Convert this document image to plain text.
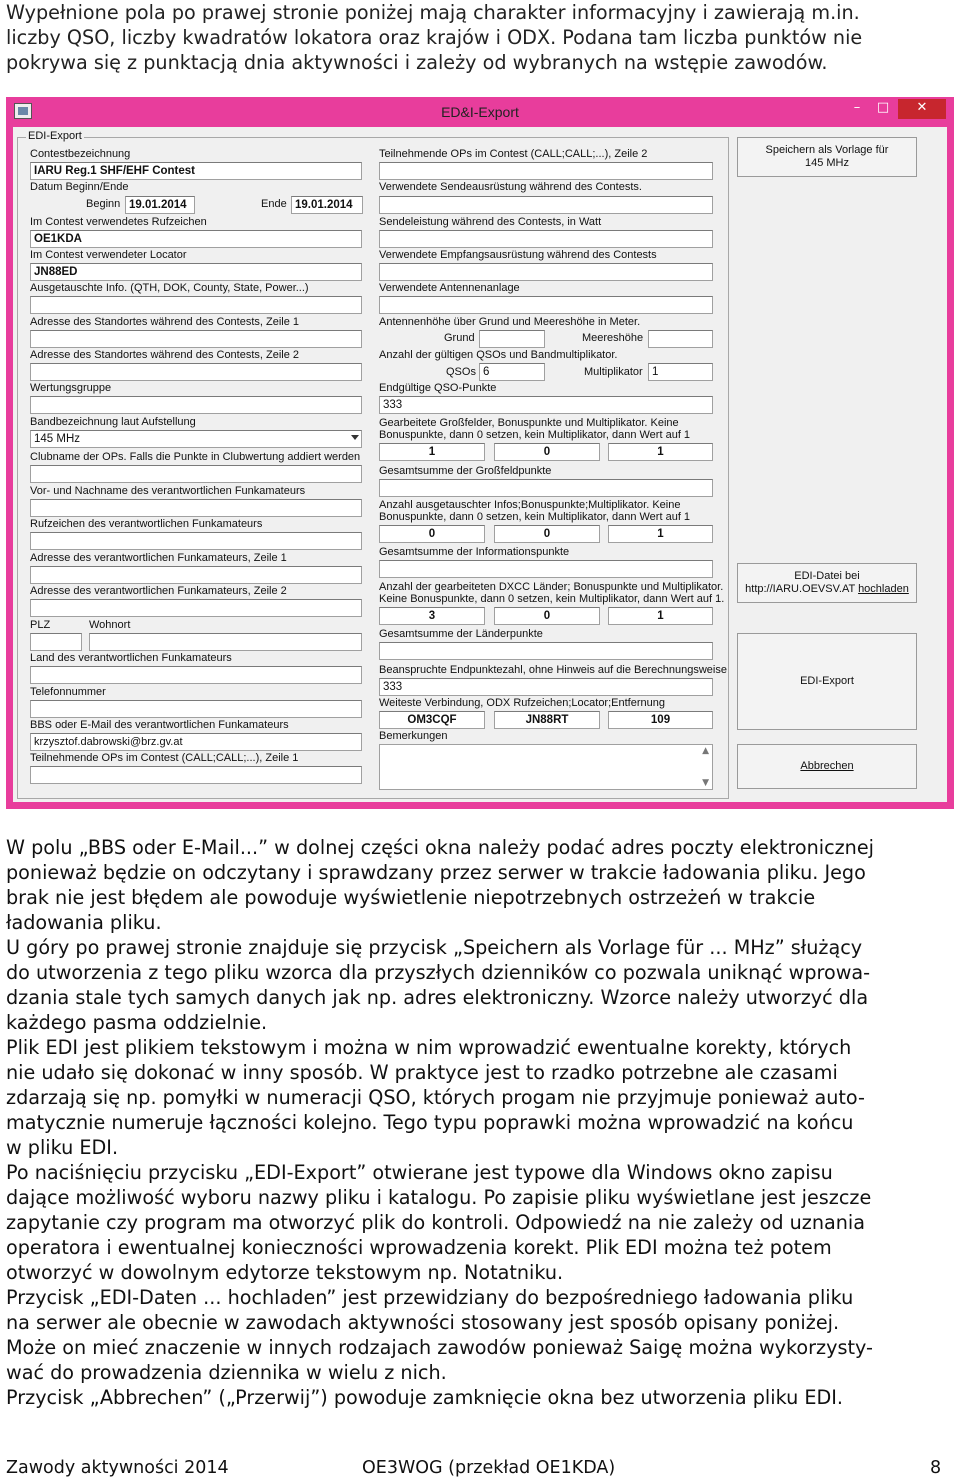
Wypełnione pola po prawej stronie poniżej mają charakter informacyjny i zawierają m.in.
liczby QSO, liczby kwadratów lokatora oraz krajów i ODX. Podana tam liczba punktów nie
pokrywa się z punktacją dnia aktywności i zależy od wybranych na wstępie zawodów.
ED&I-Export	–	□	✕
EDI-Export
Contestbezeichnung
IARU Reg.1 SHF/EHF Contest
Datum Beginn/Ende
Beginn 19.01.2014	Ende 19.01.2014
Im Contest verwendetes Rufzeichen
OE1KDA
Im Contest verwendeter Locator
JN88ED
Ausgetauschte Info. (QTH, DOK, County, State, Power...)
Adresse des Standortes während des Contests, Zeile 1
Adresse des Standortes während des Contests, Zeile 2
Wertungsgruppe
Bandbezeichnung laut Aufstellung
145 MHz
Clubname der OPs. Falls die Punkte in Clubwertung addiert werden
Vor- und Nachname des verantwortlichen Funkamateurs
Rufzeichen des verantwortlichen Funkamateurs
Adresse des verantwortlichen Funkamateurs, Zeile 1
Adresse des verantwortlichen Funkamateurs, Zeile 2
PLZ	Wohnort
Land des verantwortlichen Funkamateurs
Telefonnummer
BBS oder E-Mail des verantwortlichen Funkamateurs
krzysztof.dabrowski@brz.gv.at
Teilnehmende OPs im Contest (CALL;CALL;...), Zeile 1
Teilnehmende OPs im Contest (CALL;CALL;...), Zeile 2
Verwendete Sendeausrüstung während des Contests.
Sendeleistung während des Contests, in Watt
Verwendete Empfangsausrüstung während des Contests
Verwendete Antennenanlage
Antennenhöhe über Grund und Meereshöhe in Meter.
Grund	Meereshöhe
Anzahl der gültigen QSOs und Bandmultiplikator.
QSOs 6	Multiplikator 1
Endgültige QSO-Punkte
333
Gearbeitete Großfelder, Bonuspunkte und Multiplikator. Keine
Bonuspunkte, dann 0 setzen, kein Multiplikator, dann Wert auf 1
1	0	1
Gesamtsumme der Großfeldpunkte
Anzahl ausgetauschter Infos;Bonuspunkte;Multiplikator. Keine
Bonuspunkte, dann 0 setzen, kein Multiplikator, dann Wert auf 1
0	0	1
Gesamtsumme der Informationspunkte
Anzahl der gearbeiteten DXCC Länder; Bonuspunkte und Multiplikator.
Keine Bonuspunkte, dann 0 setzen, kein Multiplikator, dann Wert auf 1.
3	0	1
Gesamtsumme der Länderpunkte
Beanspruchte Endpunktezahl, ohne Hinweis auf die Berechnungsweise
333
Weiteste Verbindung, ODX Rufzeichen;Locator;Entfernung
OM3CQF	JN88RT	109
Bemerkungen
▲
▼
Speichern als Vorlage für
145 MHz
EDI-Datei bei
http://IARU.OEVSV.AT hochladen
EDI-Export
Abbrechen
W polu „BBS oder E-Mail...” w dolnej części okna należy podać adres poczty elektronicznej
ponieważ będzie on odczytany i sprawdzany przez serwer w trakcie ładowania pliku. Jego
brak nie jest błędem ale powoduje wyświetlenie niepotrzebnych ostrzeżeń w trakcie
ładowania pliku.
U góry po prawej stronie znajduje się przycisk „Speichern als Vorlage für ... MHz” służący
do utworzenia z tego pliku wzorca dla przyszłych dzienników co pozwala uniknąć wprowa-
dzania stale tych samych danych jak np. adres elektroniczny. Wzorce należy utworzyć dla
każdego pasma oddzielnie.
Plik EDI jest plikiem tekstowym i można w nim wprowadzić ewentualne korekty, których
nie udało się dokonać w inny sposób. W praktyce jest to rzadko potrzebne ale czasami
zdarzają się np. pomyłki w numeracji QSO, których progam nie przyjmuje ponieważ auto-
matycznie numeruje łączności kolejno. Tego typu poprawki można wprowadzić na końcu
w pliku EDI.
Po naciśnięciu przycisku „EDI-Export” otwierane jest typowe dla Windows okno zapisu
dające możliwość wyboru nazwy pliku i katalogu. Po zapisie pliku wyświetlane jest jeszcze
zapytanie czy program ma otworzyć plik do kontroli. Odpowiedź na nie zależy od uznania
operatora i ewentualnej konieczności wprowadzenia korekt. Plik EDI można też potem
otworzyć w dowolnym edytorze tekstowym np. Notatniku.
Przycisk „EDI-Daten ... hochladen” jest przewidziany do bezpośredniego ładowania pliku
na serwer ale obecnie w zawodach aktywności stosowany jest sposób opisany poniżej.
Może on mieć znaczenie w innych rodzajach zawodów ponieważ Saigę można wykorzysty-
wać do prowadzenia dziennika w wielu z nich.
Przycisk „Abbrechen” („Przerwij”) powoduje zamknięcie okna bez utworzenia pliku EDI.
Zawody aktywności 2014	OE3WOG (przekład OE1KDA)	8
